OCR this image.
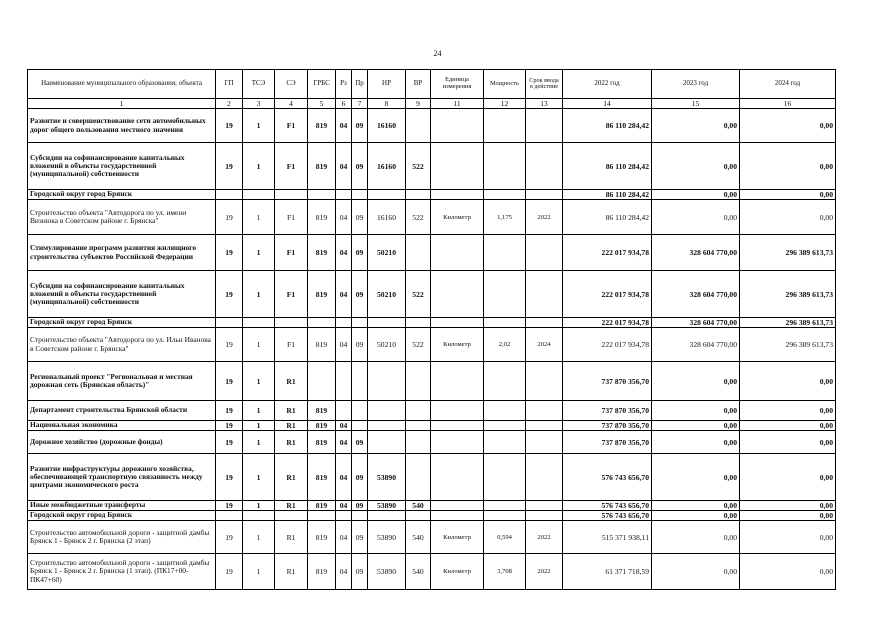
24
Наименование муниципального образования; объекта	ГП	ТСЭ	СЭ	ГРБС	Рз	Пр	НР	ВР	Единица измерения	Мощность	Срок ввода в действие	2022 год	2023 год	2024 год
1	2	3	4	5	6	7	8	9	11	12	13	14	15	16
Развитие и совершенствование сети автомобильных дорог общего пользования местного значения	19	1	F1	819	04	09	16160					86 110 284,42	0,00	0,00
Субсидии на софинансирование капитальных вложений в объекты государственной (муниципальной) собственности	19	1	F1	819	04	09	16160	522				86 110 284,42	0,00	0,00
Городской округ город Брянск												86 110 284,42	0,00	0,00
Строительство объекта "Автодорога по ул. имени Визнюка в Советском районе г. Брянска"	19	1	F1	819	04	09	16160	522	Километр	1,175	2022	86 110 284,42	0,00	0,00
Стимулирование программ развития жилищного строительства субъектов Российской Федерации	19	1	F1	819	04	09	50210					222 017 934,78	328 604 770,00	296 389 613,73
Субсидии на софинансирование капитальных вложений в объекты государственной (муниципальной) собственности	19	1	F1	819	04	09	50210	522				222 017 934,78	328 604 770,00	296 389 613,73
Городской округ город Брянск												222 017 934,78	328 604 770,00	296 389 613,73
Строительство объекта "Автодорога по ул. Ильи Иванова в Советском районе г. Брянска"	19	1	F1	819	04	09	50210	522	Километр	2,02	2024	222 017 934,78	328 604 770,00	296 389 613,73
Региональный проект "Региональная и местная дорожная сеть (Брянская область)"	19	1	R1									737 870 356,70	0,00	0,00
Департамент строительства Брянской области	19	1	R1	819								737 870 356,70	0,00	0,00
Национальная экономика	19	1	R1	819	04							737 870 356,70	0,00	0,00
Дорожное хозяйство (дорожные фонды)	19	1	R1	819	04	09						737 870 356,70	0,00	0,00
Развитие инфраструктуры дорожного хозяйства, обеспечивающей транспортную связанность между центрами экономического роста	19	1	R1	819	04	09	53890					576 743 656,70	0,00	0,00
Иные межбюджетные трансферты	19	1	R1	819	04	09	53890	540				576 743 656,70	0,00	0,00
Городской округ город Брянск												576 743 656,70	0,00	0,00
Строительство автомобильной дороги - защитной дамбы Брянск 1 - Брянск 2 г. Брянска (2 этап)	19	1	R1	819	04	09	53890	540	Километр	0,594	2022	515 371 938,11	0,00	0,00
Строительство автомобильной дороги - защитной дамбы Брянск 1 - Брянск 2 г. Брянска (1 этап). (ПК17+00-ПК47+60)	19	1	R1	819	04	09	53890	540	Километр	3,708	2022	61 371 718,59	0,00	0,00
